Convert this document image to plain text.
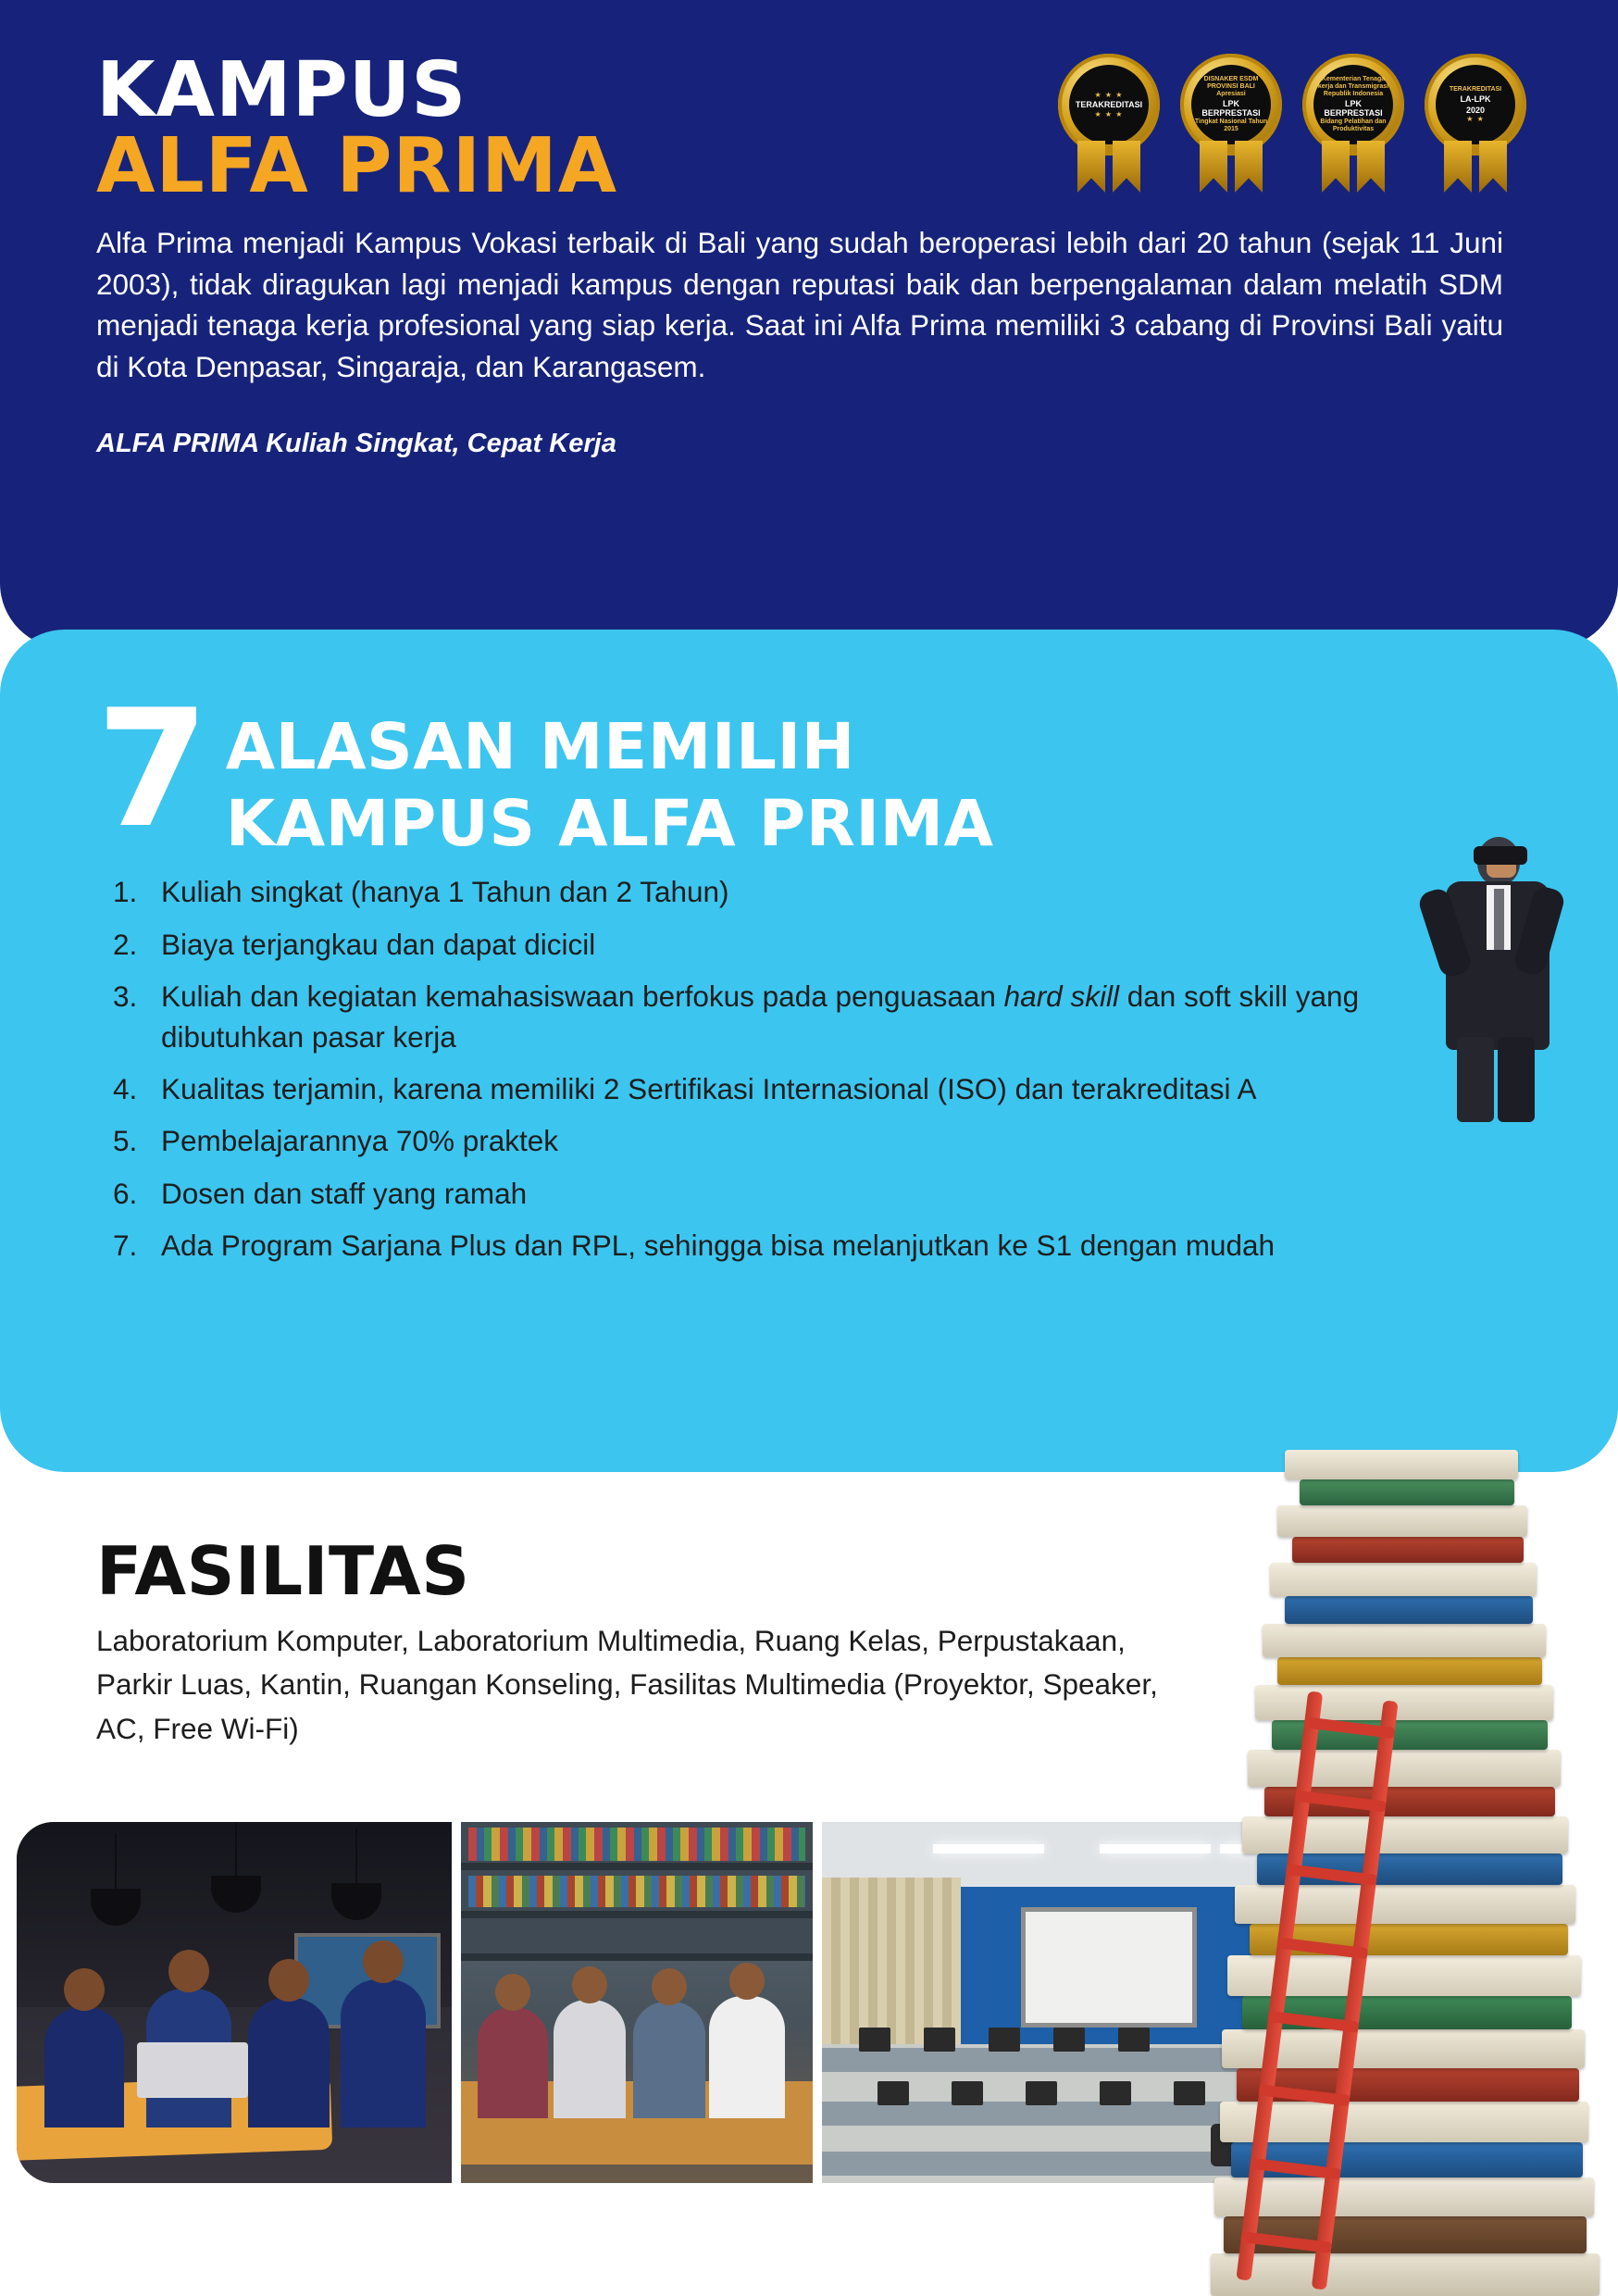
KAMPUS
ALFA PRIMA

Alfa Prima menjadi Kampus Vokasi terbaik di Bali yang sudah beroperasi lebih dari 20 tahun (sejak 11 Juni 2003), tidak diragukan lagi menjadi kampus dengan reputasi baik dan berpengalaman dalam melatih SDM menjadi tenaga kerja profesional yang siap kerja. Saat ini Alfa Prima memiliki 3 cabang di Provinsi Bali yaitu di Kota Denpasar, Singaraja, dan Karangasem.

ALFA PRIMA Kuliah Singkat, Cepat Kerja
★ ★ ★
TERAKREDITASI
★ ★ ★
DISNAKER ESDM PROVINSI BALI Apresiasi
LPK BERPRESTASI
Tingkat Nasional Tahun 2015
Kementerian Tenaga kerja dan Transmigrasi Republik Indonesia
LPK BERPRESTASI
Bidang Pelatihan dan Produktivitas
TERAKREDITASI
LA-LPK
2020
★ ★
7 ALASAN MEMILIH
KAMPUS ALFA PRIMA
Kuliah singkat (hanya 1 Tahun dan 2 Tahun)
Biaya terjangkau dan dapat dicicil
Kuliah dan kegiatan kemahasiswaan berfokus pada penguasaan hard skill dan soft skill yang dibutuhkan pasar kerja
Kualitas terjamin, karena memiliki 2 Sertifikasi Internasional (ISO) dan terakreditasi A
Pembelajarannya 70% praktek
Dosen dan staff yang ramah
Ada Program Sarjana Plus dan RPL, sehingga bisa melanjutkan ke S1 dengan mudah
FASILITAS

Laboratorium Komputer, Laboratorium Multimedia, Ruang Kelas, Perpustakaan, Parkir Luas, Kantin, Ruangan Konseling, Fasilitas Multimedia (Proyektor, Speaker, AC, Free Wi-Fi)
